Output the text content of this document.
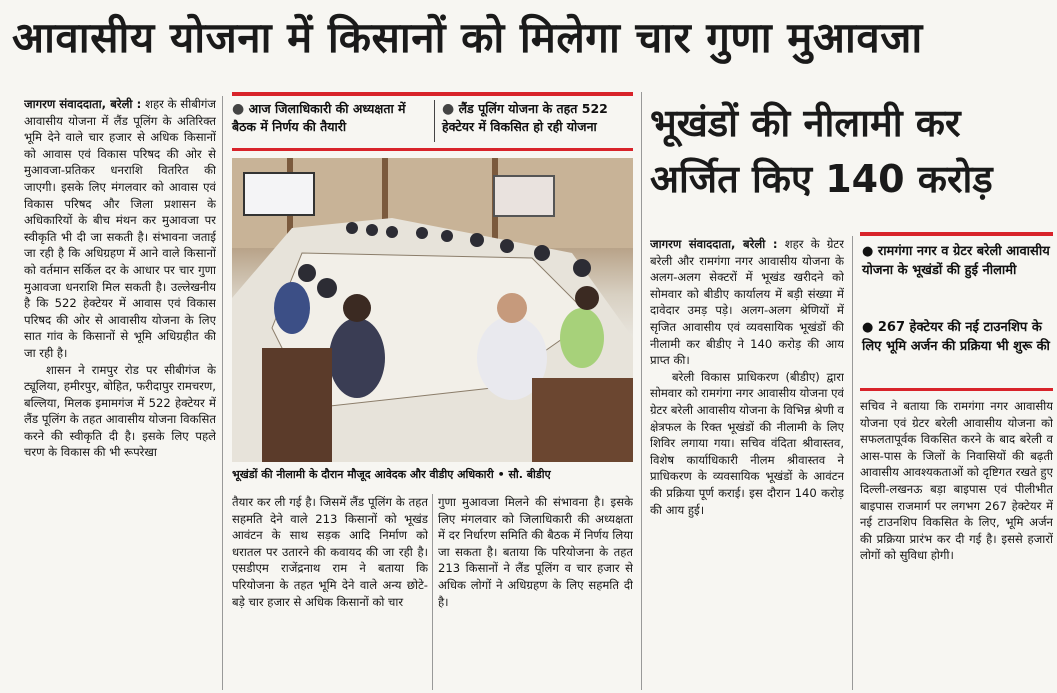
आवासीय योजना में किसानों को मिलेगा चार गुणा मुआवजा

जागरण संवाददाता, बरेली : शहर के सीबीगंज आवासीय योजना में लैंड पूलिंग के अतिरिक्त भूमि देने वाले चार हजार से अधिक किसानों को आवास एवं विकास परिषद की ओर से मुआवजा-प्रतिकर धनराशि वितरित की जाएगी। इसके लिए मंगलवार को आवास एवं विकास परिषद और जिला प्रशासन के अधिकारियों के बीच मंथन कर मुआवजा पर स्वीकृति भी दी जा सकती है। संभावना जताई जा रही है कि अधिग्रहण में आने वाले किसानों को वर्तमान सर्किल दर के आधार पर चार गुणा मुआवजा धनराशि मिल सकती है। उल्लेखनीय है कि 522 हेक्टेयर में आवास एवं विकास परिषद की ओर से आवासीय योजना के लिए सात गांव के किसानों से भूमि अधिग्रहीत की जा रही है।

शासन ने रामपुर रोड पर सीबीगंज के ट्यूलिया, हमीरपुर, बोहित, फरीदापुर रामचरण, बल्लिया, मिलक इमामगंज में 522 हेक्टेयर में लैंड पूलिंग के तहत आवासीय योजना विकसित करने की स्वीकृति दी है। इसके लिए पहले चरण के विकास की भी रूपरेखा

● आज जिलाधिकारी की अध्यक्षता में बैठक में निर्णय की तैयारी
● लैंड पूलिंग योजना के तहत 522 हेक्टेयर में विकसित हो रही योजना
भूखंडों की नीलामी के दौरान मौजूद आवेदक और वीडीए अधिकारी • सौ. बीडीए

तैयार कर ली गई है। जिसमें लैंड पूलिंग के तहत सहमति देने वाले 213 किसानों को भूखंड आवंटन के साथ सड़क आदि निर्माण को धरातल पर उतारने की कवायद की जा रही है। एसडीएम राजेंद्रनाथ राम ने बताया कि परियोजना के तहत भूमि देने वाले अन्य छोटे-बड़े चार हजार से अधिक किसानों को चार

गुणा मुआवजा मिलने की संभावना है। इसके लिए मंगलवार को जिलाधिकारी की अध्यक्षता में दर निर्धारण समिति की बैठक में निर्णय लिया जा सकता है। बताया कि परियोजना के तहत 213 किसानों ने लैंड पूलिंग व चार हजार से अधिक लोगों ने अधिग्रहण के लिए सहमति दी है।

भूखंडों की नीलामी कर अर्जित किए 140 करोड़

जागरण संवाददाता, बरेली : शहर के ग्रेटर बरेली और रामगंगा नगर आवासीय योजना के अलग-अलग सेक्टरों में भूखंड खरीदने को सोमवार को बीडीए कार्यालय में बड़ी संख्या में दावेदार उमड़ पड़े। अलग-अलग श्रेणियों में सृजित आवासीय एवं व्यवसायिक भूखंडों की नीलामी कर बीडीए ने 140 करोड़ की आय प्राप्त की।

बरेली विकास प्राधिकरण (बीडीए) द्वारा सोमवार को रामगंगा नगर आवासीय योजना एवं ग्रेटर बरेली आवासीय योजना के विभिन्न श्रेणी व क्षेत्रफल के रिक्त भूखंडों की नीलामी के लिए शिविर लगाया गया। सचिव वंदिता श्रीवास्तव, विशेष कार्याधिकारी नीलम श्रीवास्तव ने प्राधिकरण के व्यवसायिक भूखंडों के आवंटन की प्रक्रिया पूर्ण कराई। इस दौरान 140 करोड़ की आय हुई।

● रामगंगा नगर व ग्रेटर बरेली आवासीय योजना के भूखंडों की हुई नीलामी
● 267 हेक्टेयर की नई टाउनशिप के लिए भूमि अर्जन की प्रक्रिया भी शुरू की

सचिव ने बताया कि रामगंगा नगर आवासीय योजना एवं ग्रेटर बरेली आवासीय योजना को सफलतापूर्वक विकसित करने के बाद बरेली व आस-पास के जिलों के निवासियों की बढ़ती आवासीय आवश्यकताओं को दृष्टिगत रखते हुए दिल्ली-लखनऊ बड़ा बाइपास एवं पीलीभीत बाइपास राजमार्ग पर लगभग 267 हेक्टेयर में नई टाउनशिप विकसित के लिए, भूमि अर्जन की प्रक्रिया प्रारंभ कर दी गई है। इससे हजारों लोगों को सुविधा होगी।
